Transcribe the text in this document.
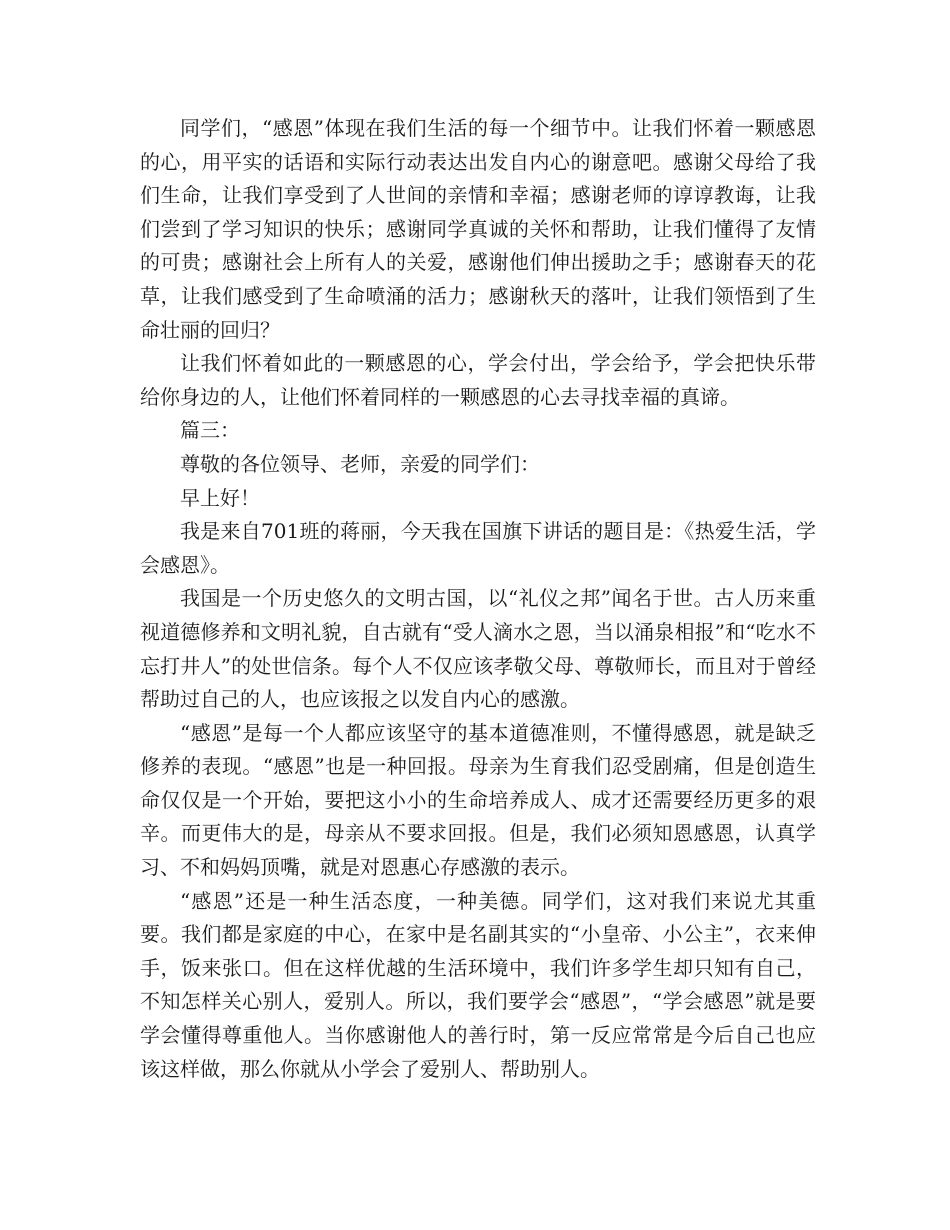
同学们，“感恩”体现在我们生活的每一个细节中。让我们怀着一颗感恩的心，用平实的话语和实际行动表达出发自内心的谢意吧。感谢父母给了我们生命，让我们享受到了人世间的亲情和幸福；感谢老师的谆谆教诲，让我们尝到了学习知识的快乐；感谢同学真诚的关怀和帮助，让我们懂得了友情的可贵；感谢社会上所有人的关爱，感谢他们伸出援助之手；感谢春天的花草，让我们感受到了生命喷涌的活力；感谢秋天的落叶，让我们领悟到了生命壮丽的回归？

让我们怀着如此的一颗感恩的心，学会付出，学会给予，学会把快乐带给你身边的人，让他们怀着同样的一颗感恩的心去寻找幸福的真谛。

篇三：

尊敬的各位领导、老师，亲爱的同学们：

早上好！

我是来自701班的蒋丽，今天我在国旗下讲话的题目是：《热爱生活，学会感恩》。

我国是一个历史悠久的文明古国，以“礼仪之邦”闻名于世。古人历来重视道德修养和文明礼貌，自古就有“受人滴水之恩，当以涌泉相报”和“吃水不忘打井人”的处世信条。每个人不仅应该孝敬父母、尊敬师长，而且对于曾经帮助过自己的人，也应该报之以发自内心的感激。

“感恩”是每一个人都应该坚守的基本道德准则，不懂得感恩，就是缺乏修养的表现。“感恩”也是一种回报。母亲为生育我们忍受剧痛，但是创造生命仅仅是一个开始，要把这小小的生命培养成人、成才还需要经历更多的艰辛。而更伟大的是，母亲从不要求回报。但是，我们必须知恩感恩，认真学习、不和妈妈顶嘴，就是对恩惠心存感激的表示。

“感恩”还是一种生活态度，一种美德。同学们，这对我们来说尤其重要。我们都是家庭的中心，在家中是名副其实的“小皇帝、小公主”，衣来伸手，饭来张口。但在这样优越的生活环境中，我们许多学生却只知有自己，不知怎样关心别人，爱别人。所以，我们要学会“感恩”，“学会感恩”就是要学会懂得尊重他人。当你感谢他人的善行时，第一反应常常是今后自己也应该这样做，那么你就从小学会了爱别人、帮助别人。
